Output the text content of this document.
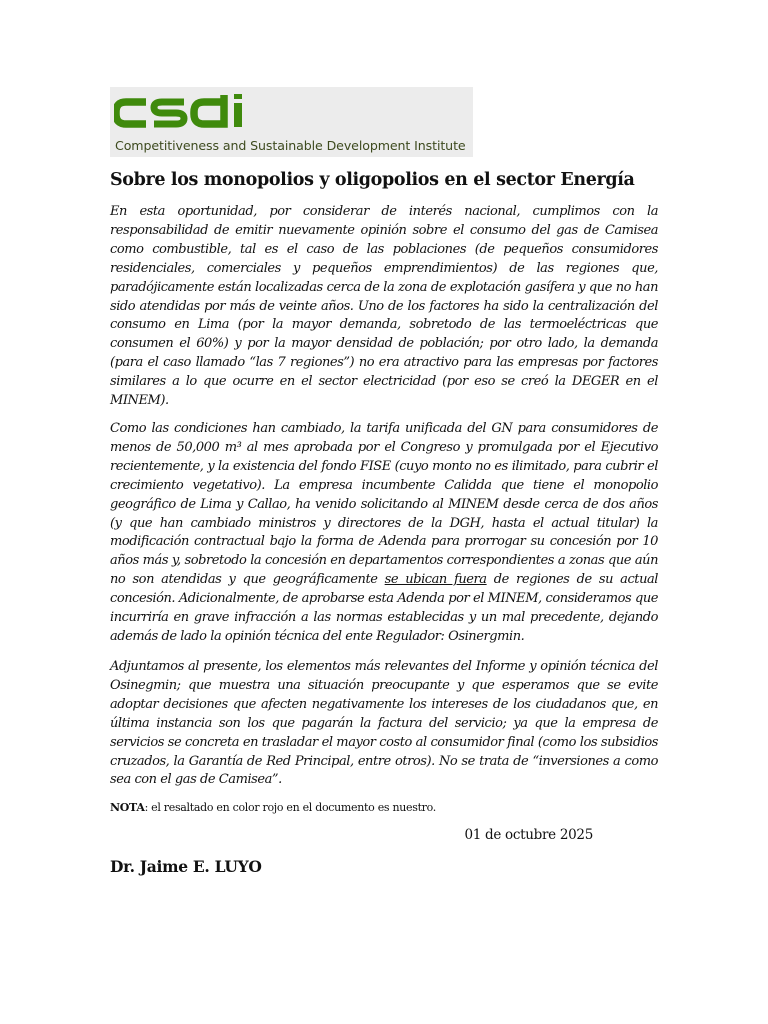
Competitiveness and Sustainable Development Institute
Sobre los monopolios y oligopolios en el sector Energía

En esta oportunidad, por considerar de interés nacional, cumplimos con la responsabilidad de emitir nuevamente opinión sobre el consumo del gas de Camisea como combustible, tal es el caso de las poblaciones (de pequeños consumidores residenciales, comerciales y pequeños emprendimientos) de las regiones que, paradójicamente están localizadas cerca de la zona de explotación gasífera y que no han sido atendidas por más de veinte años. Uno de los factores ha sido la centralización del consumo en Lima (por la mayor demanda, sobretodo de las termoeléctricas que consumen el 60%) y por la mayor densidad de población; por otro lado, la demanda (para el caso llamado “las 7 regiones”) no era atractivo para las empresas por factores similares a lo que ocurre en el sector electricidad (por eso se creó la DEGER en el MINEM).

Como las condiciones han cambiado, la tarifa unificada del GN para consumidores de menos de 50,000 m³ al mes aprobada por el Congreso y promulgada por el Ejecutivo recientemente, y la existencia del fondo FISE (cuyo monto no es ilimitado, para cubrir el crecimiento vegetativo). La empresa incumbente Calidda que tiene el monopolio geográfico de Lima y Callao, ha venido solicitando al MINEM desde cerca de dos años (y que han cambiado ministros y directores de la DGH, hasta el actual titular) la modificación contractual bajo la forma de Adenda para prorrogar su concesión por 10 años más y, sobretodo la concesión en departamentos correspondientes a zonas que aún no son atendidas y que geográficamente se ubican fuera de regiones de su actual concesión. Adicionalmente, de aprobarse esta Adenda por el MINEM, consideramos que incurriría en grave infracción a las normas establecidas y un mal precedente, dejando además de lado la opinión técnica del ente Regulador: Osinergmin.

Adjuntamos al presente, los elementos más relevantes del Informe y opinión técnica del Osinegmin; que muestra una situación preocupante y que esperamos que se evite adoptar decisiones que afecten negativamente los intereses de los ciudadanos que, en última instancia son los que pagarán la factura del servicio; ya que la empresa de servicios se concreta en trasladar el mayor costo al consumidor final (como los subsidios cruzados, la Garantía de Red Principal, entre otros). No se trata de “inversiones a como sea con el gas de Camisea”.

NOTA: el resaltado en color rojo en el documento es nuestro.

01 de octubre 2025

Dr. Jaime E. LUYO
